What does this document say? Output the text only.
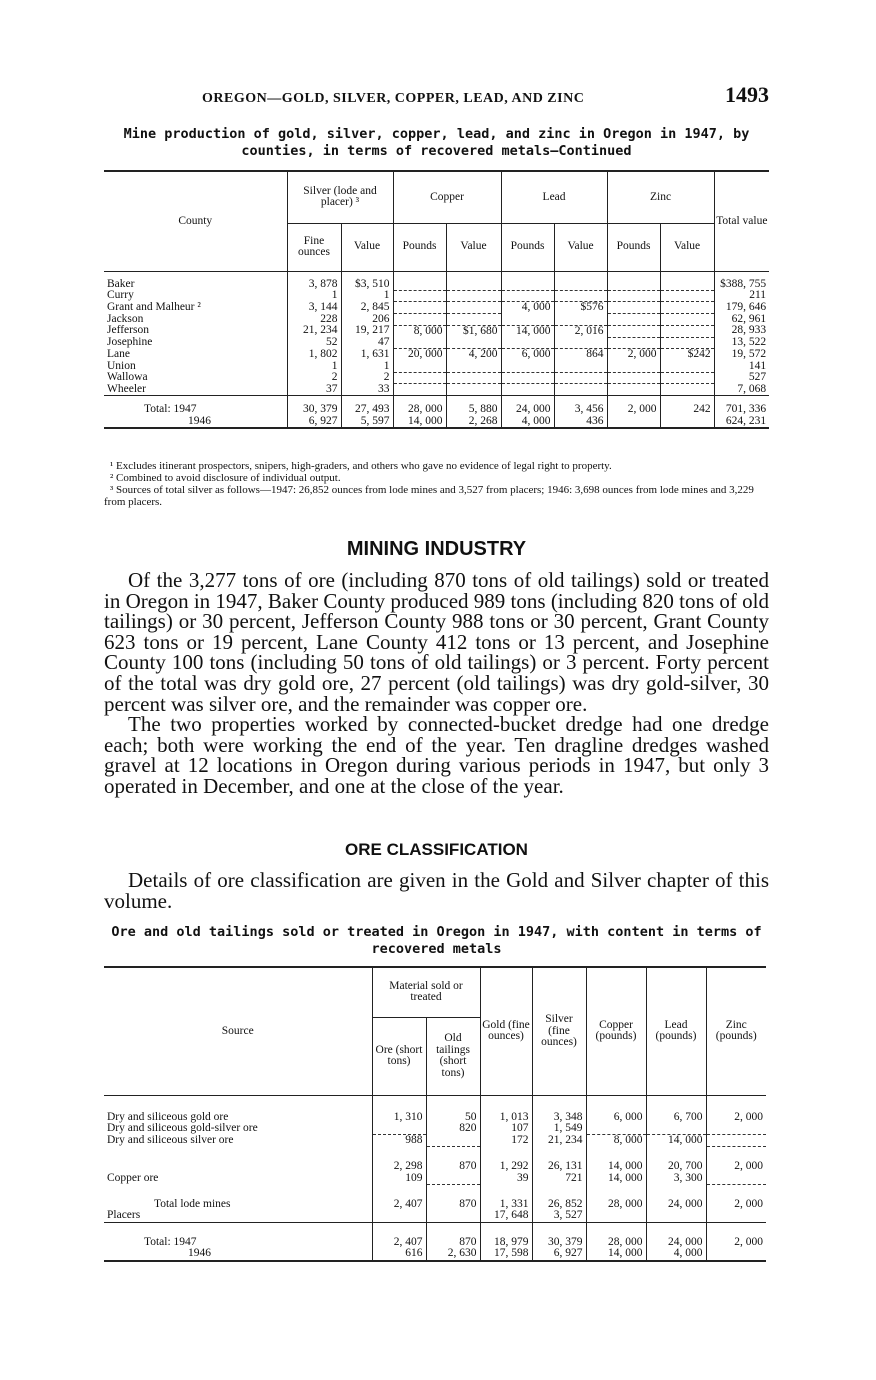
OREGON—GOLD, SILVER, COPPER, LEAD, AND ZINC	1493
Mine production of gold, silver, copper, lead, and zinc in Oregon in 1947, by
counties, in terms of recovered metals—Continued
County	Silver (lode and placer) ³		Copper		Lead		Zinc		Total value
	Fine ounces	Value	Pounds	Value	Pounds	Value	Pounds	Value	
Baker	3, 878	$3, 510							$388, 755
Curry	1	1							211
Grant and Malheur ²	3, 144	2, 845			4, 000	$576			179, 646
Jackson	228	206							62, 961
Jefferson	21, 234	19, 217	8, 000	$1, 680	14, 000	2, 016			28, 933
Josephine	52	47							13, 522
Lane	1, 802	1, 631	20, 000	4, 200	6, 000	864	2, 000	$242	19, 572
Union	1	1							141
Wallowa	2	2							527
Wheeler	37	33							7, 068
Total: 1947	30, 379	27, 493	28, 000	5, 880	24, 000	3, 456	2, 000	242	701, 336
1946	6, 927	5, 597	14, 000	2, 268	4, 000	436			624, 231

¹ Excludes itinerant prospectors, snipers, high-graders, and others who gave no evidence of legal right to property.

² Combined to avoid disclosure of individual output.

³ Sources of total silver as follows—1947: 26,852 ounces from lode mines and 3,527 from placers; 1946: 3,698 ounces from lode mines and 3,229 from placers.

MINING INDUSTRY

Of the 3,277 tons of ore (including 870 tons of old tailings) sold or treated in Oregon in 1947, Baker County produced 989 tons (including 820 tons of old tailings) or 30 percent, Jefferson County 988 tons or 30 percent, Grant County 623 tons or 19 percent, Lane County 412 tons or 13 percent, and Josephine County 100 tons (including 50 tons of old tailings) or 3 percent. Forty percent of the total was dry gold ore, 27 percent (old tailings) was dry gold-silver, 30 percent was silver ore, and the remainder was copper ore.

The two properties worked by connected-bucket dredge had one dredge each; both were working the end of the year. Ten dragline dredges washed gravel at 12 locations in Oregon during various periods in 1947, but only 3 operated in December, and one at the close of the year.

ORE CLASSIFICATION

Details of ore classification are given in the Gold and Silver chapter of this volume.

Ore and old tailings sold or treated in Oregon in 1947, with content in terms of
recovered metals
Source	Material sold or treated		Gold (fine ounces)	Silver (fine ounces)	Copper (pounds)	Lead (pounds)	Zinc (pounds)
	Ore (short tons)	Old tailings (short tons)					
Dry and siliceous gold ore	1, 310	50	1, 013	3, 348	6, 000	6, 700	2, 000
Dry and siliceous gold-silver ore		820	107	1, 549			
Dry and siliceous silver ore	988		172	21, 234	8, 000	14, 000	
	2, 298	870	1, 292	26, 131	14, 000	20, 700	2, 000
Copper ore	109		39	721	14, 000	3, 300	
Total lode mines	2, 407	870	1, 331	26, 852	28, 000	24, 000	2, 000
Placers			17, 648	3, 527			
Total: 1947	2, 407	870	18, 979	30, 379	28, 000	24, 000	2, 000
1946	616	2, 630	17, 598	6, 927	14, 000	4, 000	
